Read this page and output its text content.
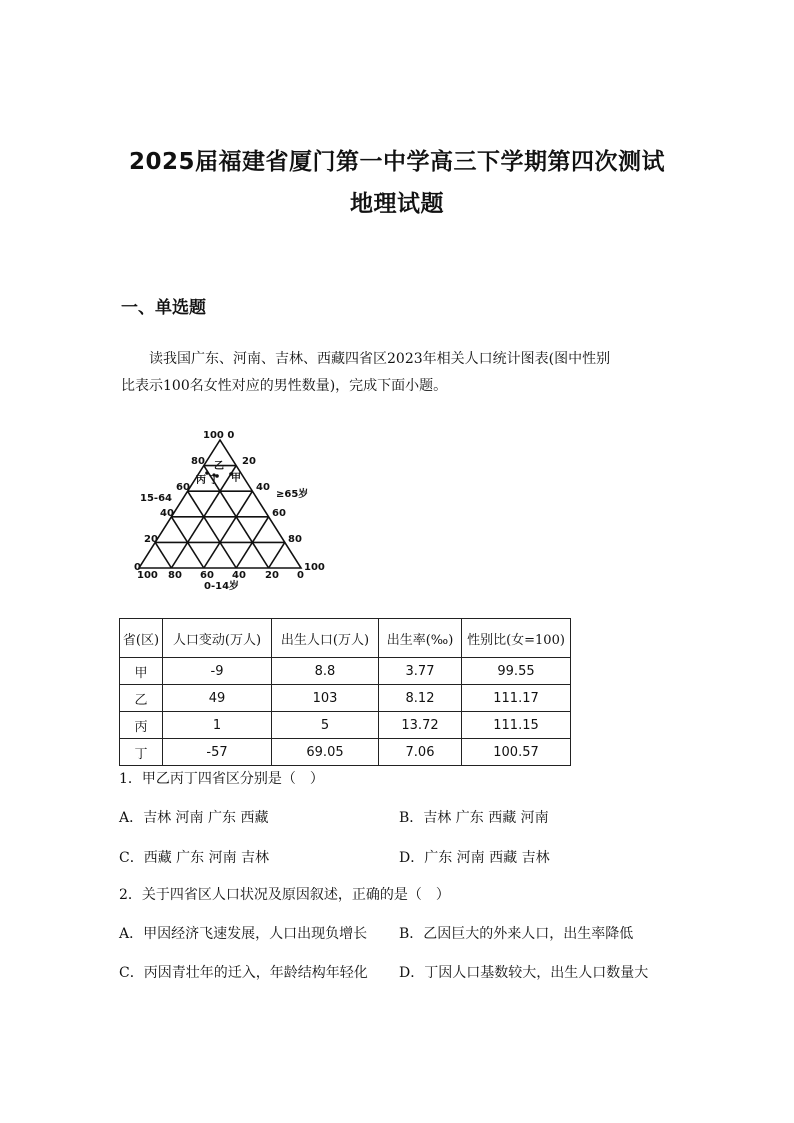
2025届福建省厦门第一中学高三下学期第四次测试
地理试题
一、单选题

读我国广东、河南、吉林、西藏四省区2023年相关人口统计图表(图中性别

比表示100名女性对应的男性数量)，完成下面小题。

乙
甲
丙 丁
100 0
80
60
40
20
0
20
40
60
80
100
100 80 60 40 20 0
15-64	≥65岁
0-14岁
省(区)	人口变动(万人)	出生人口(万人)	出生率(‰)	性别比(女=100)
甲	-9	8.8	3.77	99.55
乙	49	103	8.12	111.17
丙	1	5	13.72	111.15
丁	-57	69.05	7.06	100.57
1．甲乙丙丁四省区分别是（　）
A．吉林 河南 广东 西藏	B．吉林 广东 西藏 河南
C．西藏 广东 河南 吉林	D．广东 河南 西藏 吉林
2．关于四省区人口状况及原因叙述，正确的是（　）
A．甲因经济飞速发展，人口出现负增长 B．乙因巨大的外来人口，出生率降低
C．丙因青壮年的迁入，年龄结构年轻化 D．丁因人口基数较大，出生人口数量大
